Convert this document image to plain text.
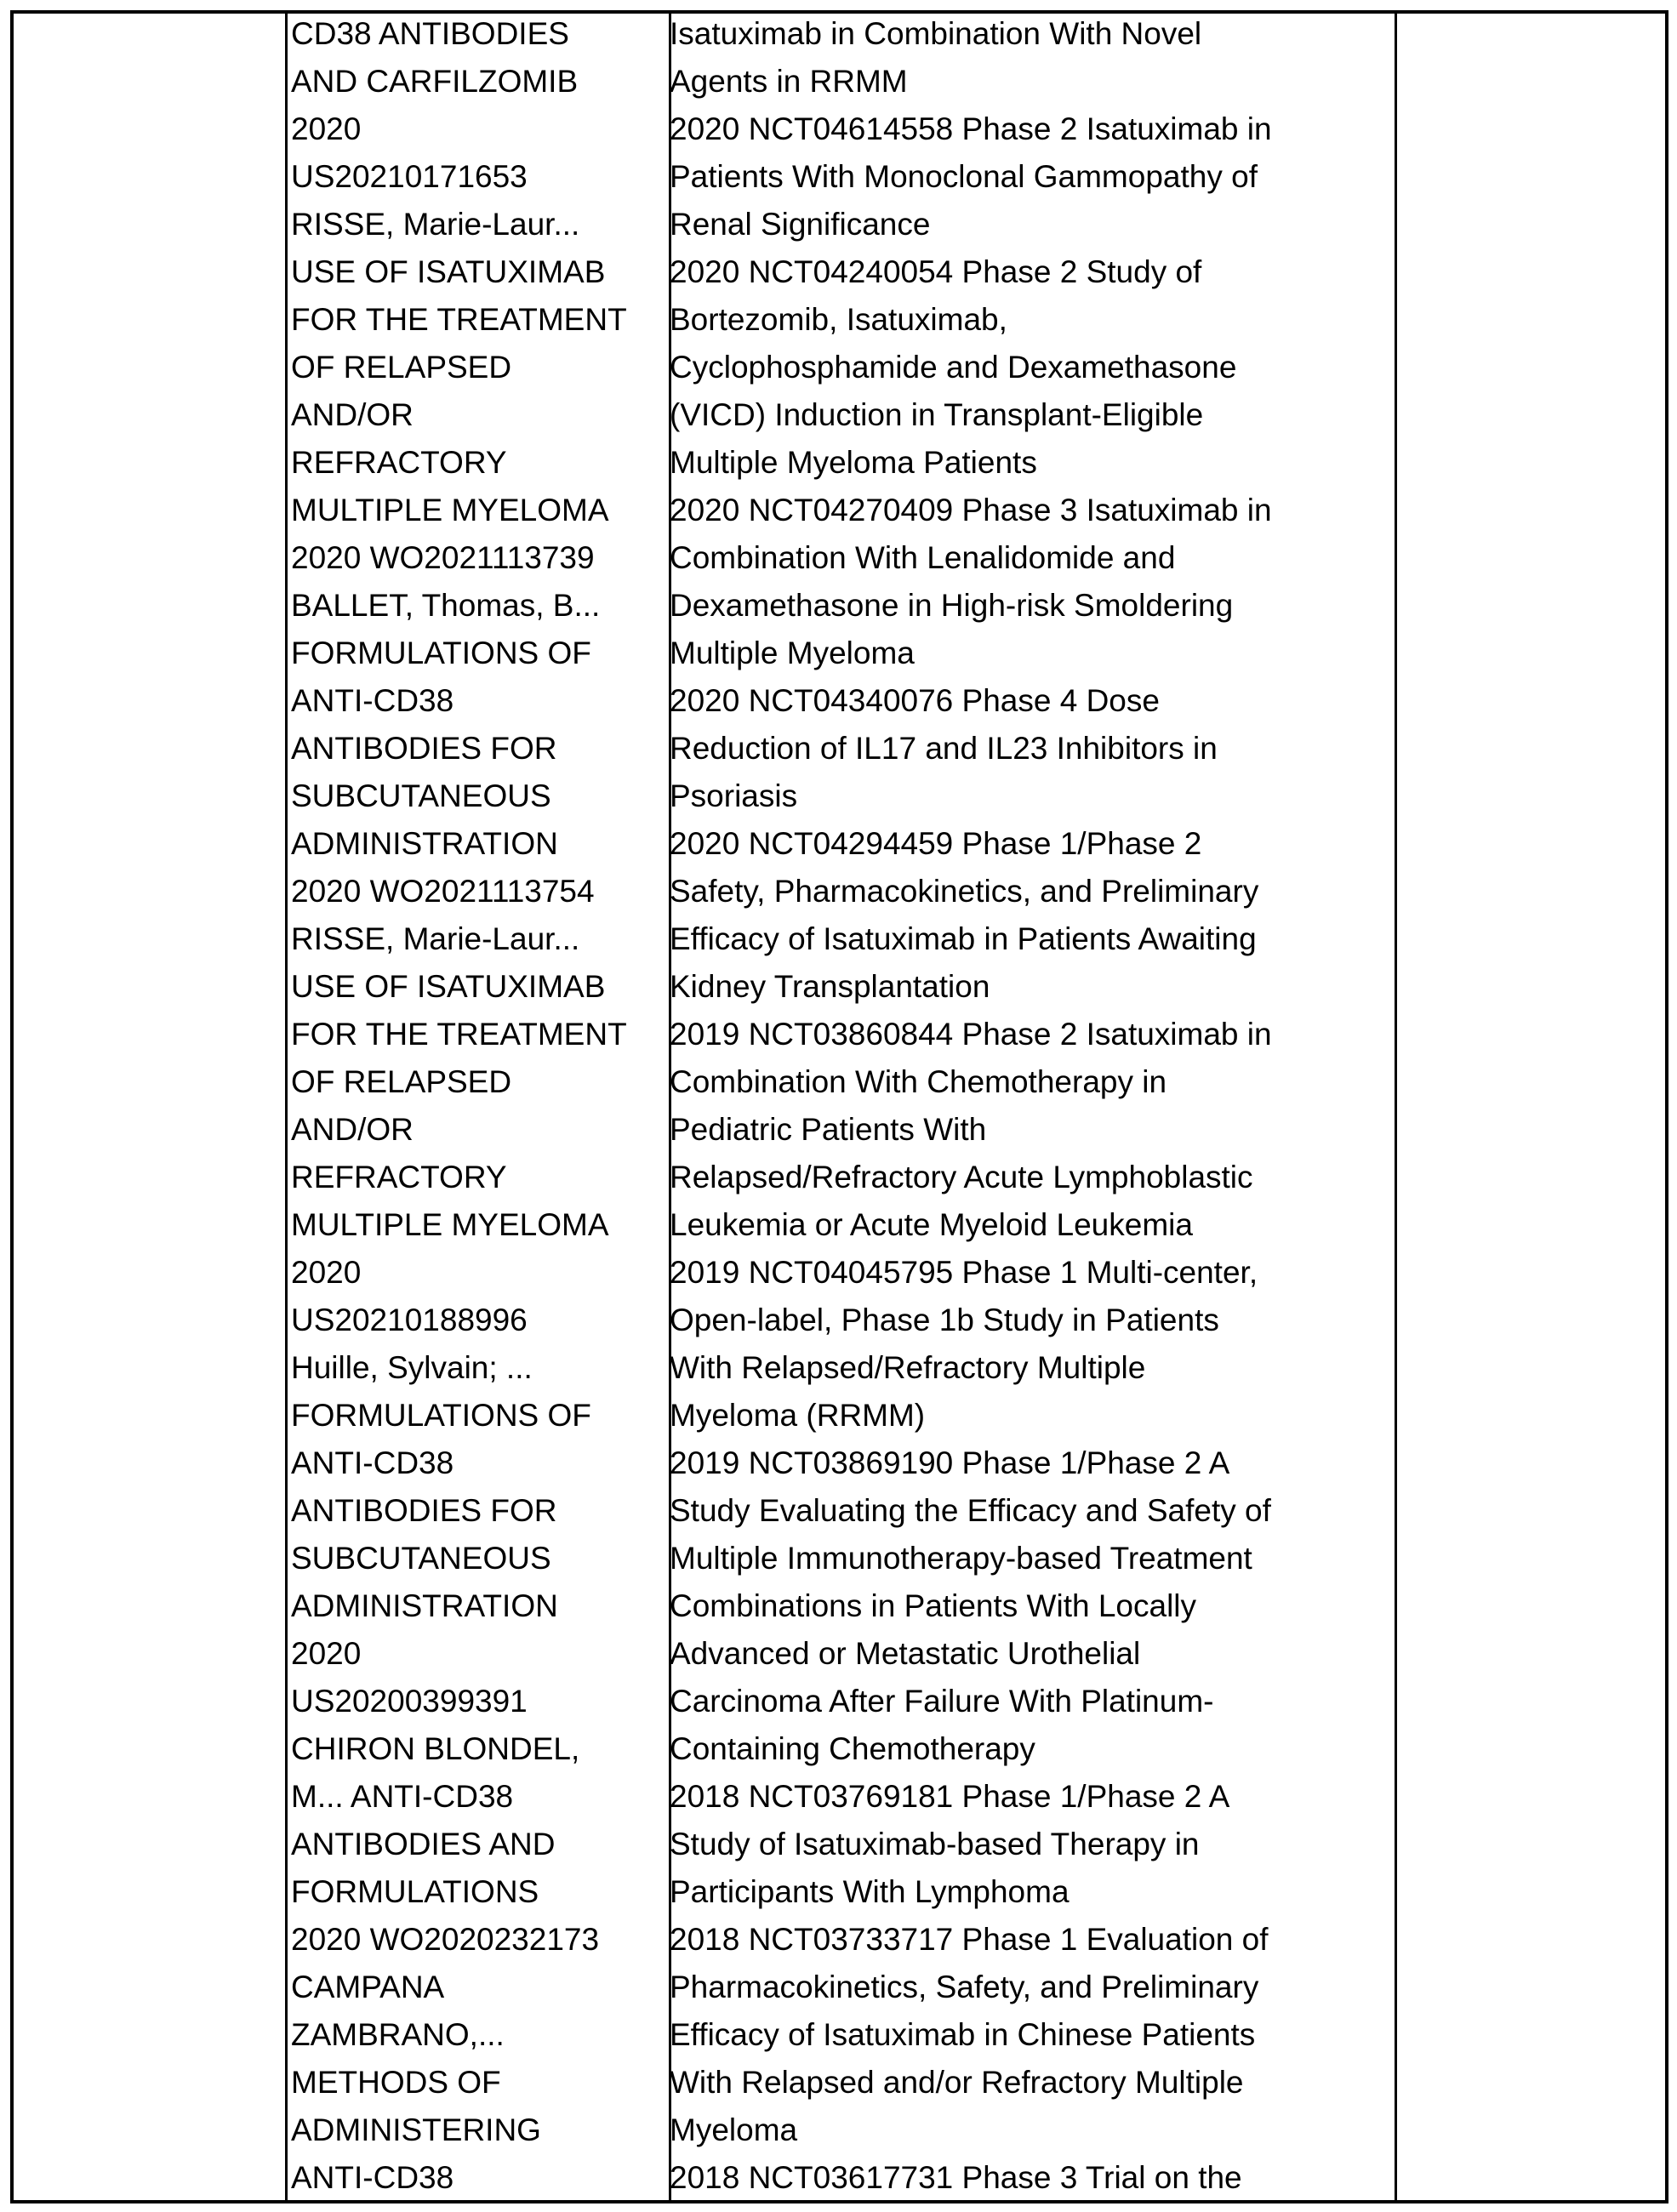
CD38 ANTIBODIES
AND CARFILZOMIB
2020
US20210171653
RISSE, Marie-Laur...
USE OF ISATUXIMAB
FOR THE TREATMENT
OF RELAPSED
AND/OR
REFRACTORY
MULTIPLE MYELOMA
2020 WO2021113739
BALLET, Thomas, B...
FORMULATIONS OF
ANTI-CD38
ANTIBODIES FOR
SUBCUTANEOUS
ADMINISTRATION
2020 WO2021113754
RISSE, Marie-Laur...
USE OF ISATUXIMAB
FOR THE TREATMENT
OF RELAPSED
AND/OR
REFRACTORY
MULTIPLE MYELOMA
2020
US20210188996
Huille, Sylvain; ...
FORMULATIONS OF
ANTI-CD38
ANTIBODIES FOR
SUBCUTANEOUS
ADMINISTRATION
2020
US20200399391
CHIRON BLONDEL,
M... ANTI-CD38
ANTIBODIES AND
FORMULATIONS
2020 WO2020232173
CAMPANA
ZAMBRANO,...
METHODS OF
ADMINISTERING
ANTI-CD38
Isatuximab in Combination With Novel
Agents in RRMM
2020 NCT04614558 Phase 2 Isatuximab in
Patients With Monoclonal Gammopathy of
Renal Significance
2020 NCT04240054 Phase 2 Study of
Bortezomib, Isatuximab,
Cyclophosphamide and Dexamethasone
(VICD) Induction in Transplant-Eligible
Multiple Myeloma Patients
2020 NCT04270409 Phase 3 Isatuximab in
Combination With Lenalidomide and
Dexamethasone in High-risk Smoldering
Multiple Myeloma
2020 NCT04340076 Phase 4 Dose
Reduction of IL17 and IL23 Inhibitors in
Psoriasis
2020 NCT04294459 Phase 1/Phase 2
Safety, Pharmacokinetics, and Preliminary
Efficacy of Isatuximab in Patients Awaiting
Kidney Transplantation
2019 NCT03860844 Phase 2 Isatuximab in
Combination With Chemotherapy in
Pediatric Patients With
Relapsed/Refractory Acute Lymphoblastic
Leukemia or Acute Myeloid Leukemia
2019 NCT04045795 Phase 1 Multi-center,
Open-label, Phase 1b Study in Patients
With Relapsed/Refractory Multiple
Myeloma (RRMM)
2019 NCT03869190 Phase 1/Phase 2 A
Study Evaluating the Efficacy and Safety of
Multiple Immunotherapy-based Treatment
Combinations in Patients With Locally
Advanced or Metastatic Urothelial
Carcinoma After Failure With Platinum-
Containing Chemotherapy
2018 NCT03769181 Phase 1/Phase 2 A
Study of Isatuximab-based Therapy in
Participants With Lymphoma
2018 NCT03733717 Phase 1 Evaluation of
Pharmacokinetics, Safety, and Preliminary
Efficacy of Isatuximab in Chinese Patients
With Relapsed and/or Refractory Multiple
Myeloma
2018 NCT03617731 Phase 3 Trial on the
